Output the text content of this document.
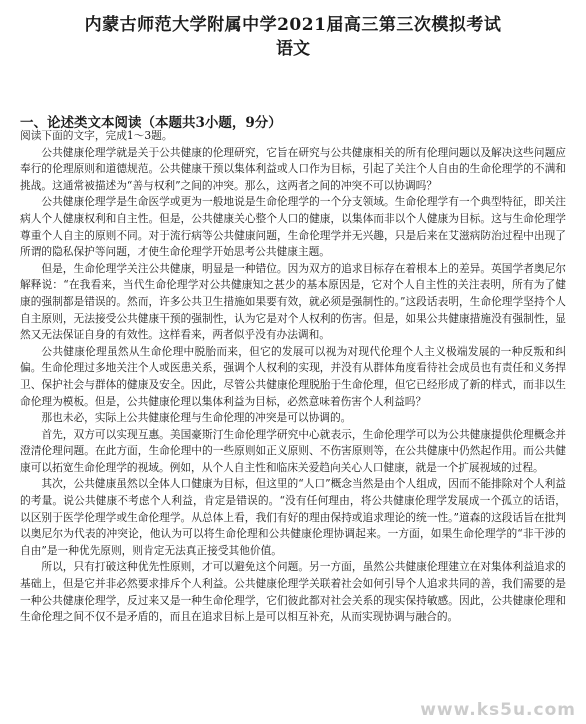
内蒙古师范大学附属中学2021届高三第三次模拟考试
语文
一、论述类文本阅读（本题共3小题，9分）

阅读下面的文字，完成1～3题。

公共健康伦理学就是关于公共健康的伦理研究，它旨在研究与公共健康相关的所有伦理问题以及解决这些问题应奉行的伦理原则和道德规范。公共健康干预以集体利益或人口作为目标，引起了关注个人自由的生命伦理学的不满和挑战。这通常被描述为“善与权利”之间的冲突。那么，这两者之间的冲突不可以协调吗？

公共健康伦理学是生命医学或更为一般地说是生命伦理学的一个分支领域。生命伦理学有一个典型特征，即关注病人个人健康权利和自主性。但是，公共健康关心整个人口的健康，以集体而非以个人健康为目标。这与生命伦理学尊重个人自主的原则不同。对于流行病等公共健康问题，生命伦理学并无兴趣，只是后来在艾滋病防治过程中出现了所谓的隐私保护等问题，才使生命伦理学开始思考公共健康主题。

但是，生命伦理学关注公共健康，明显是一种错位。因为双方的追求目标存在着根本上的差异。英国学者奥尼尔解释说：“在我看来，当代生命伦理学对公共健康知之甚少的基本原因是，它对个人自主性的关注表明，所有为了健康的强制都是错误的。然而，许多公共卫生措施如果要有效，就必须是强制性的。”这段话表明，生命伦理学坚持个人自主原则，无法接受公共健康干预的强制性，认为它是对个人权利的伤害。但是，如果公共健康措施没有强制性，显然又无法保证自身的有效性。这样看来，两者似乎没有办法调和。

公共健康伦理虽然从生命伦理中脱胎而来，但它的发展可以视为对现代伦理个人主义极端发展的一种反叛和纠偏。生命伦理过多地关注个人或医患关系，强调个人权利的实现，并没有从群体角度看待社会成员也有责任和义务捍卫、保护社会与群体的健康及安全。因此，尽管公共健康伦理脱胎于生命伦理，但它已经形成了新的样式，而非以生命伦理为模板。但是，公共健康伦理以集体利益为目标，必然意味着伤害个人利益吗？

那也未必，实际上公共健康伦理与生命伦理的冲突是可以协调的。

首先，双方可以实现互惠。美国豪斯汀生命伦理学研究中心就表示，生命伦理学可以为公共健康提供伦理概念并澄清伦理问题。在此方面，生命伦理中的一些原则如正义原则、不伤害原则等，在公共健康中仍然起作用。而公共健康可以拓宽生命伦理学的视域。例如，从个人自主性和临床关爱趋向关心人口健康，就是一个扩展视域的过程。

其次，公共健康虽然以全体人口健康为目标，但这里的“人口”概念当然是由个人组成，因而不能排除对个人利益的考量。说公共健康不考虑个人利益，肯定是错误的。“没有任何理由，将公共健康伦理学发展成一个孤立的话语，以区别于医学伦理学或生命伦理学。从总体上看，我们有好的理由保持或追求理论的统一性。”道森的这段话旨在批判以奥尼尔为代表的冲突论，他认为可以将生命伦理和公共健康伦理协调起来。一方面，如果生命伦理学的“非干涉的自由”是一种优先原则，则肯定无法真正接受其他价值。

所以，只有打破这种优先性原则，才可以避免这个问题。另一方面，虽然公共健康伦理建立在对集体利益追求的基础上，但是它并非必然要求排斥个人利益。公共健康伦理学关联着社会如何引导个人追求共同的善，我们需要的是一种公共健康伦理学，反过来又是一种生命伦理学，它们彼此都对社会关系的现实保持敏感。因此，公共健康伦理和生命伦理之间不仅不是矛盾的，而且在追求目标上是可以相互补充，从而实现协调与融合的。

www.ks5u.com
